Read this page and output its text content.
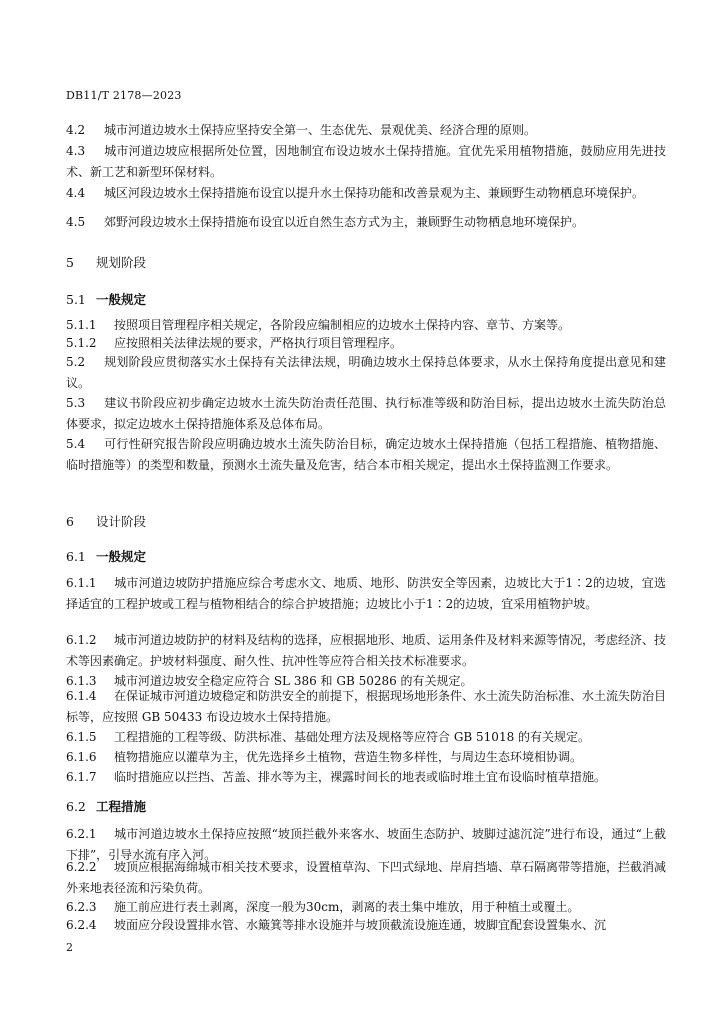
DB11/T 2178—2023
4.2 城市河道边坡水土保持应坚持安全第一、生态优先、景观优美、经济合理的原则。
4.3 城市河道边坡应根据所处位置，因地制宜布设边坡水土保持措施。宜优先采用植物措施，鼓励应用先进技术、新工艺和新型环保材料。
4.4 城区河段边坡水土保持措施布设宜以提升水土保持功能和改善景观为主、兼顾野生动物栖息环境保护。
4.5 郊野河段边坡水土保持措施布设宜以近自然生态方式为主，兼顾野生动物栖息地环境保护。
5 规划阶段
5.1 一般规定
5.1.1 按照项目管理程序相关规定，各阶段应编制相应的边坡水土保持内容、章节、方案等。
5.1.2 应按照相关法律法规的要求，严格执行项目管理程序。
5.2 规划阶段应贯彻落实水土保持有关法律法规，明确边坡水土保持总体要求，从水土保持角度提出意见和建议。
5.3 建议书阶段应初步确定边坡水土流失防治责任范围、执行标准等级和防治目标，提出边坡水土流失防治总体要求，拟定边坡水土保持措施体系及总体布局。
5.4 可行性研究报告阶段应明确边坡水土流失防治目标，确定边坡水土保持措施（包括工程措施、植物措施、临时措施等）的类型和数量，预测水土流失量及危害，结合本市相关规定，提出水土保持监测工作要求。
6 设计阶段
6.1 一般规定
6.1.1 城市河道边坡防护措施应综合考虑水文、地质、地形、防洪安全等因素，边坡比大于1∶2的边坡，宜选择适宜的工程护坡或工程与植物相结合的综合护坡措施；边坡比小于1∶2的边坡，宜采用植物护坡。
6.1.2 城市河道边坡防护的材料及结构的选择，应根据地形、地质、运用条件及材料来源等情况，考虑经济、技术等因素确定。护坡材料强度、耐久性、抗冲性等应符合相关技术标准要求。
6.1.3 城市河道边坡安全稳定应符合 SL 386 和 GB 50286 的有关规定。
6.1.4 在保证城市河道边坡稳定和防洪安全的前提下，根据现场地形条件、水土流失防治标准、水土流失防治目标等，应按照 GB 50433 布设边坡水土保持措施。
6.1.5 工程措施的工程等级、防洪标准、基础处理方法及规格等应符合 GB 51018 的有关规定。
6.1.6 植物措施应以灌草为主，优先选择乡土植物，营造生物多样性，与周边生态环境相协调。
6.1.7 临时措施应以拦挡、苫盖、排水等为主，裸露时间长的地表或临时堆土宜布设临时植草措施。
6.2 工程措施
6.2.1 城市河道边坡水土保持应按照“坡顶拦截外来客水、坡面生态防护、坡脚过滤沉淀”进行布设，通过“上截下排”，引导水流有序入河。
6.2.2 坡顶应根据海绵城市相关技术要求，设置植草沟、下凹式绿地、岸肩挡墙、草石隔离带等措施，拦截消减外来地表径流和污染负荷。
6.2.3 施工前应进行表土剥离，深度一般为30cm，剥离的表土集中堆放，用于种植土或覆土。
6.2.4 坡面应分段设置排水管、水簸箕等排水设施并与坡顶截流设施连通，坡脚宜配套设置集水、沉
2
